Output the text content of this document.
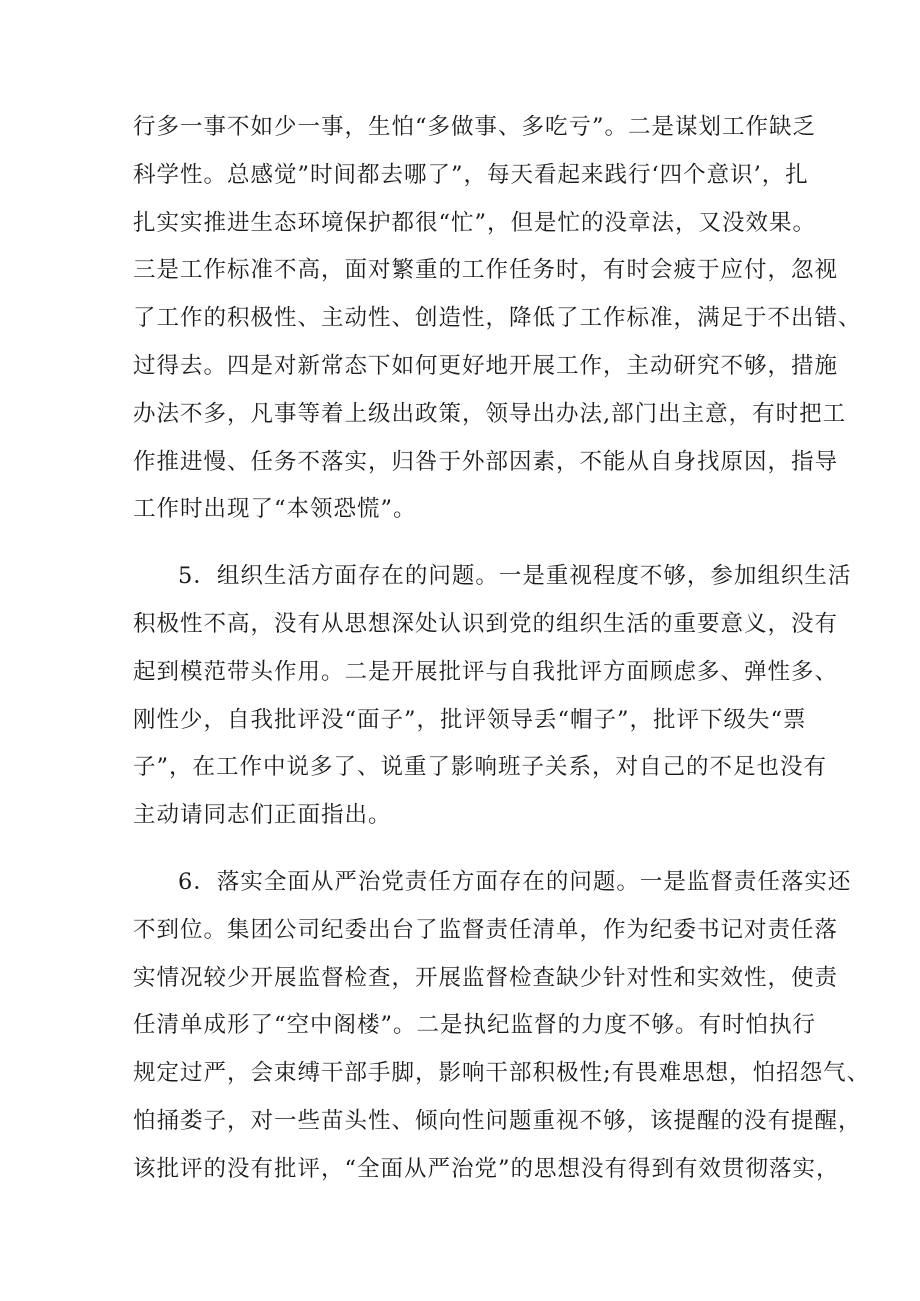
行多一事不如少一事，生怕“多做事、多吃亏”。二是谋划工作缺乏
科学性。总感觉”时间都去哪了”，每天看起来践行‘四个意识’，扎
扎实实推进生态环境保护都很“忙”，但是忙的没章法，又没效果。
三是工作标准不高，面对繁重的工作任务时，有时会疲于应付，忽视
了工作的积极性、主动性、创造性，降低了工作标准，满足于不出错、
过得去。四是对新常态下如何更好地开展工作，主动研究不够，措施
办法不多，凡事等着上级出政策，领导出办法,部门出主意，有时把工
作推进慢、任务不落实，归咎于外部因素，不能从自身找原因，指导
工作时出现了“本领恐慌”。
5．组织生活方面存在的问题。一是重视程度不够，参加组织生活
积极性不高，没有从思想深处认识到党的组织生活的重要意义，没有
起到模范带头作用。二是开展批评与自我批评方面顾虑多、弹性多、
刚性少，自我批评没“面子”，批评领导丢“帽子”，批评下级失“票
子”，在工作中说多了、说重了影响班子关系，对自己的不足也没有
主动请同志们正面指出。
6．落实全面从严治党责任方面存在的问题。一是监督责任落实还
不到位。集团公司纪委出台了监督责任清单，作为纪委书记对责任落
实情况较少开展监督检查，开展监督检查缺少针对性和实效性，使责
任清单成形了“空中阁楼”。二是执纪监督的力度不够。有时怕执行
规定过严，会束缚干部手脚，影响干部积极性;有畏难思想，怕招怨气、
怕捅娄子，对一些苗头性、倾向性问题重视不够，该提醒的没有提醒，
该批评的没有批评，“全面从严治党”的思想没有得到有效贯彻落实，
